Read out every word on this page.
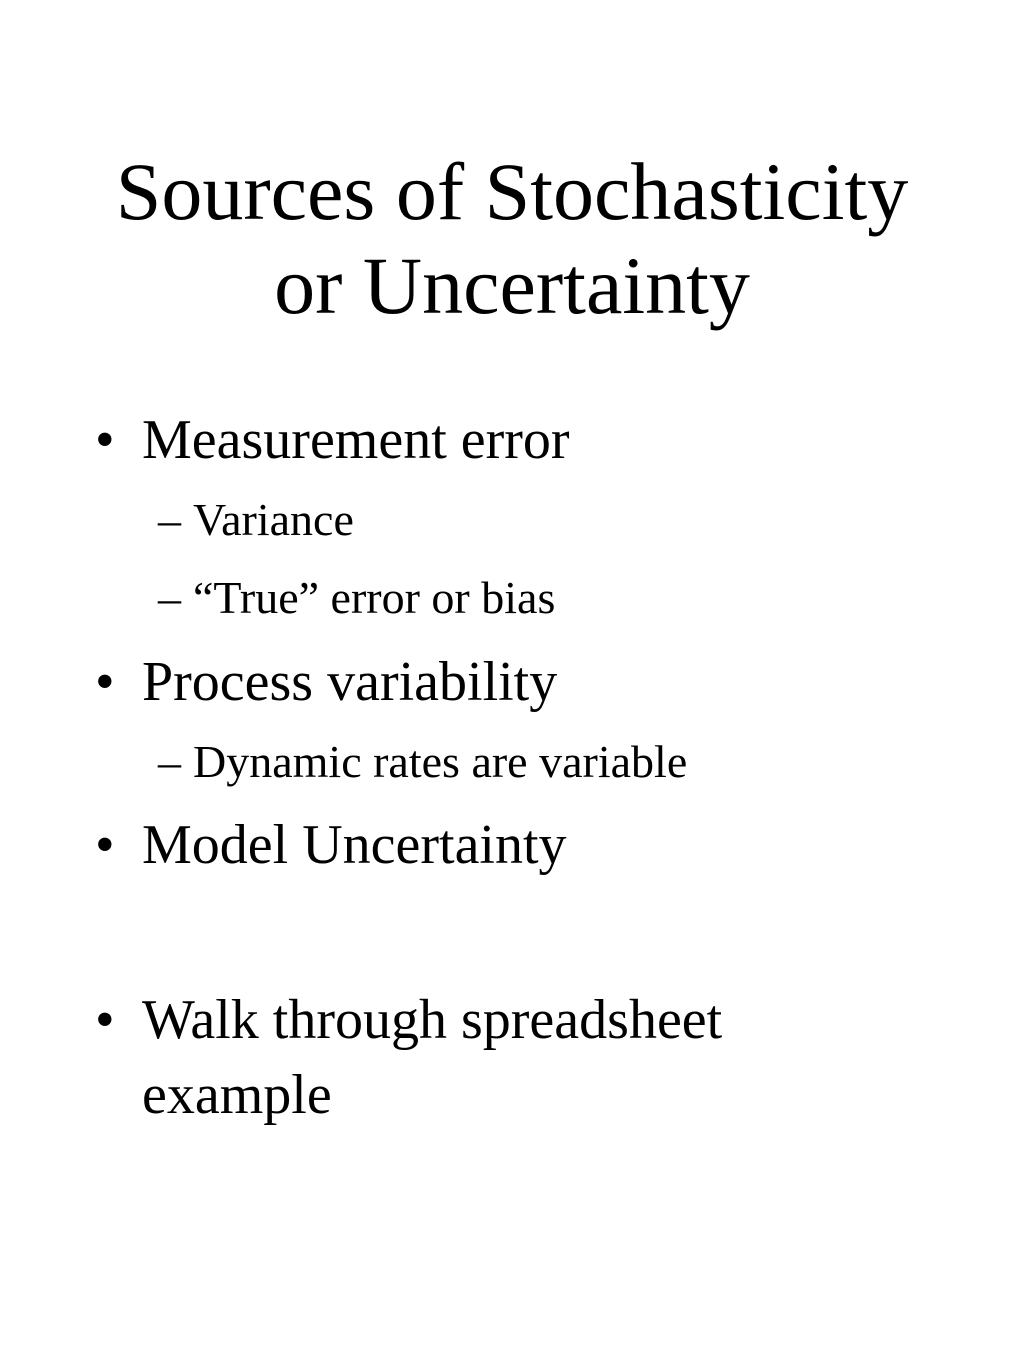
Sources of Stochasticity
or Uncertainty
• Measurement error
– Variance
– “True” error or bias
• Process variability
– Dynamic rates are variable
• Model Uncertainty
• Walk through spreadsheet
example
